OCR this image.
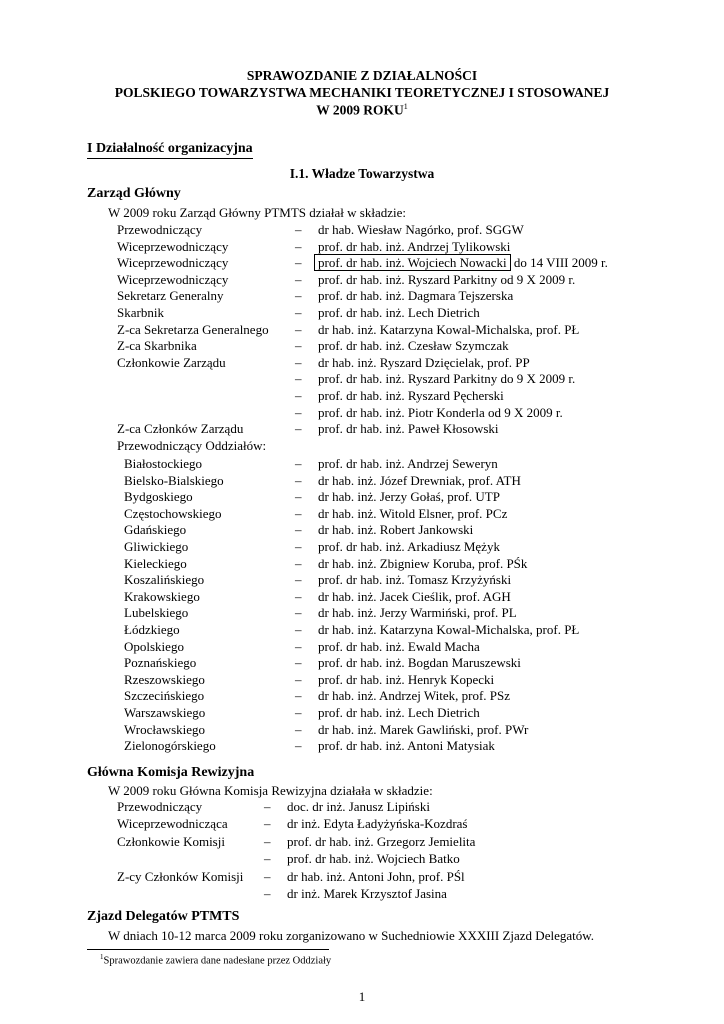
SPRAWOZDANIE Z DZIAŁALNOŚCI
POLSKIEGO TOWARZYSTWA MECHANIKI TEORETYCZNEJ I STOSOWANEJ
W 2009 ROKU$^1$
I Działalność organizacyjna
I.1. Władze Towarzystwa
Zarząd Główny
W 2009 roku Zarząd Główny PTMTS działał w składzie:
Przewodniczący	– dr hab. Wiesław Nagórko, prof. SGGW
Wiceprzewodniczący	– prof. dr hab. inż. Andrzej Tylikowski
Wiceprzewodniczący	–	prof. dr hab. inż. Wojciech Nowacki do 14 VIII 2009 r.
Wiceprzewodniczący	– prof. dr hab. inż. Ryszard Parkitny od 9 X 2009 r.
Sekretarz Generalny	– prof. dr hab. inż. Dagmara Tejszerska
Skarbnik	– prof. dr hab. inż. Lech Dietrich
Z-ca Sekretarza Generalnego – dr hab. inż. Katarzyna Kowal-Michalska, prof. PŁ
Z-ca Skarbnika	– prof. dr hab. inż. Czesław Szymczak
Członkowie Zarządu	– dr hab. inż. Ryszard Dzięcielak, prof. PP
– prof. dr hab. inż. Ryszard Parkitny do 9 X 2009 r.
– prof. dr hab. inż. Ryszard Pęcherski
– prof. dr hab. inż. Piotr Konderla od 9 X 2009 r.
Z-ca Członków Zarządu	– prof. dr hab. inż. Paweł Kłosowski
Przewodniczący Oddziałów:
Białostockiego	– prof. dr hab. inż. Andrzej Seweryn
Bielsko-Bialskiego	– dr hab. inż. Józef Drewniak, prof. ATH
Bydgoskiego	– dr hab. inż. Jerzy Gołaś, prof. UTP
Częstochowskiego	– dr hab. inż. Witold Elsner, prof. PCz
Gdańskiego	– dr hab. inż. Robert Jankowski
Gliwickiego	– prof. dr hab. inż. Arkadiusz Mężyk
Kieleckiego	– dr hab. inż. Zbigniew Koruba, prof. PŚk
Koszalińskiego	– prof. dr hab. inż. Tomasz Krzyżyński
Krakowskiego	– dr hab. inż. Jacek Cieślik, prof. AGH
Lubelskiego	– dr hab. inż. Jerzy Warmiński, prof. PL
Łódzkiego	– dr hab. inż. Katarzyna Kowal-Michalska, prof. PŁ
Opolskiego	– prof. dr hab. inż. Ewald Macha
Poznańskiego	– prof. dr hab. inż. Bogdan Maruszewski
Rzeszowskiego	– prof. dr hab. inż. Henryk Kopecki
Szczecińskiego	– dr hab. inż. Andrzej Witek, prof. PSz
Warszawskiego	– prof. dr hab. inż. Lech Dietrich
Wrocławskiego	– dr hab. inż. Marek Gawliński, prof. PWr
Zielonogórskiego	– prof. dr hab. inż. Antoni Matysiak
Główna Komisja Rewizyjna
W 2009 roku Główna Komisja Rewizyjna działała w składzie:
Przewodniczący	– doc. dr inż. Janusz Lipiński
Wiceprzewodnicząca	– dr inż. Edyta Ładyżyńska-Kozdraś
Członkowie Komisji	– prof. dr hab. inż. Grzegorz Jemielita
– prof. dr hab. inż. Wojciech Batko
Z-cy Członków Komisji – dr hab. inż. Antoni John, prof. PŚl
– dr inż. Marek Krzysztof Jasina
Zjazd Delegatów PTMTS
W dniach 10-12 marca 2009 roku zorganizowano w Suchedniowie XXXIII Zjazd Delegatów.
$^1$Sprawozdanie zawiera dane nadesłane przez Oddziały
1
